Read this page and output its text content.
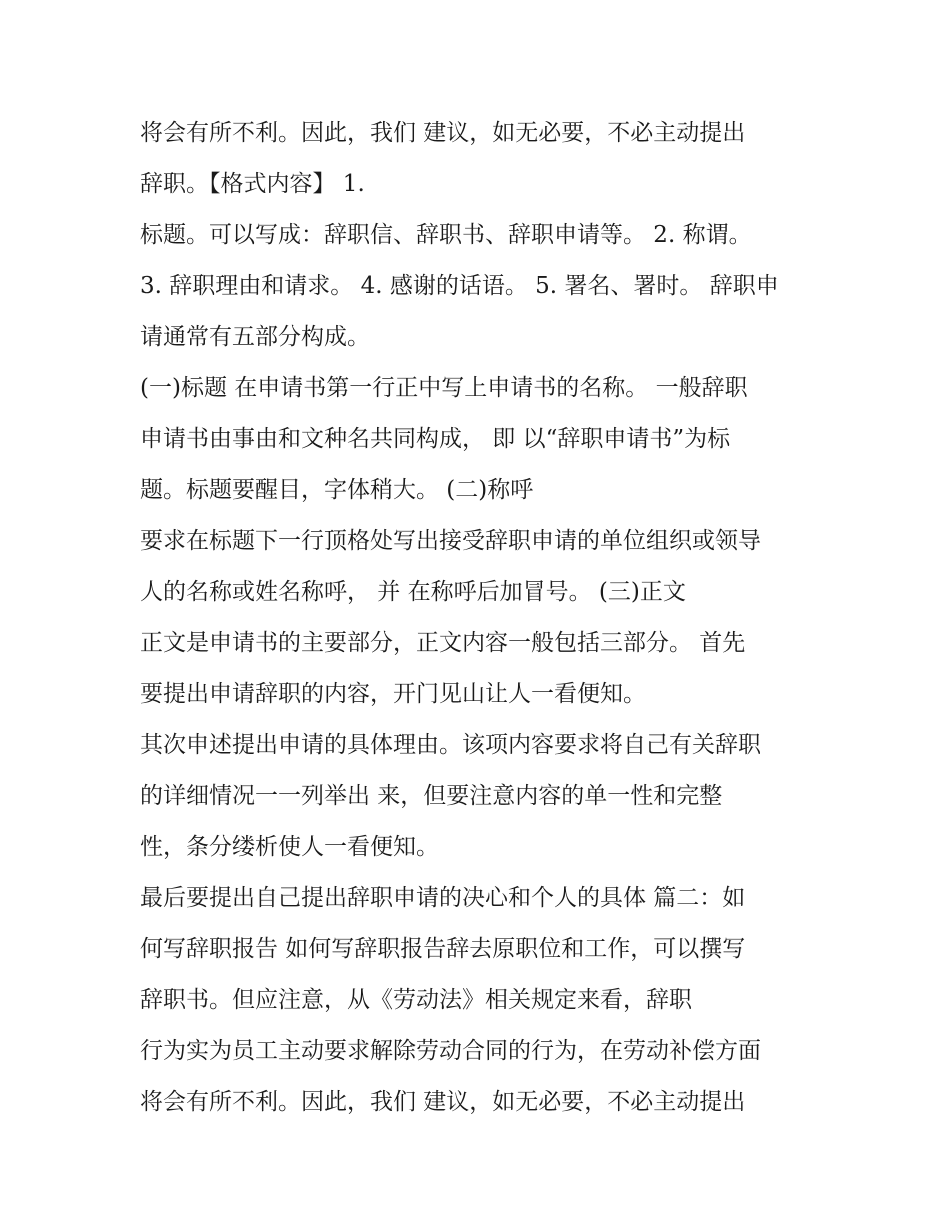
将会有所不利。因此，我们 建议，如无必要，不必主动提出
辞职。【格式内容】 1.
标题。可以写成：辞职信、辞职书、辞职申请等。 2. 称谓。
3. 辞职理由和请求。 4. 感谢的话语。 5. 署名、署时。 辞职申
请通常有五部分构成。
(一)标题 在申请书第一行正中写上申请书的名称。 一般辞职
申请书由事由和文种名共同构成， 即 以“辞职申请书”为标
题。标题要醒目，字体稍大。 (二)称呼
要求在标题下一行顶格处写出接受辞职申请的单位组织或领导
人的名称或姓名称呼， 并 在称呼后加冒号。 (三)正文
正文是申请书的主要部分，正文内容一般包括三部分。 首先
要提出申请辞职的内容，开门见山让人一看便知。
其次申述提出申请的具体理由。该项内容要求将自己有关辞职
的详细情况一一列举出 来，但要注意内容的单一性和完整
性，条分缕析使人一看便知。
最后要提出自己提出辞职申请的决心和个人的具体 篇二：如
何写辞职报告 如何写辞职报告辞去原职位和工作，可以撰写
辞职书。但应注意，从《劳动法》相关规定来看，辞职
行为实为员工主动要求解除劳动合同的行为，在劳动补偿方面
将会有所不利。因此，我们 建议，如无必要，不必主动提出
